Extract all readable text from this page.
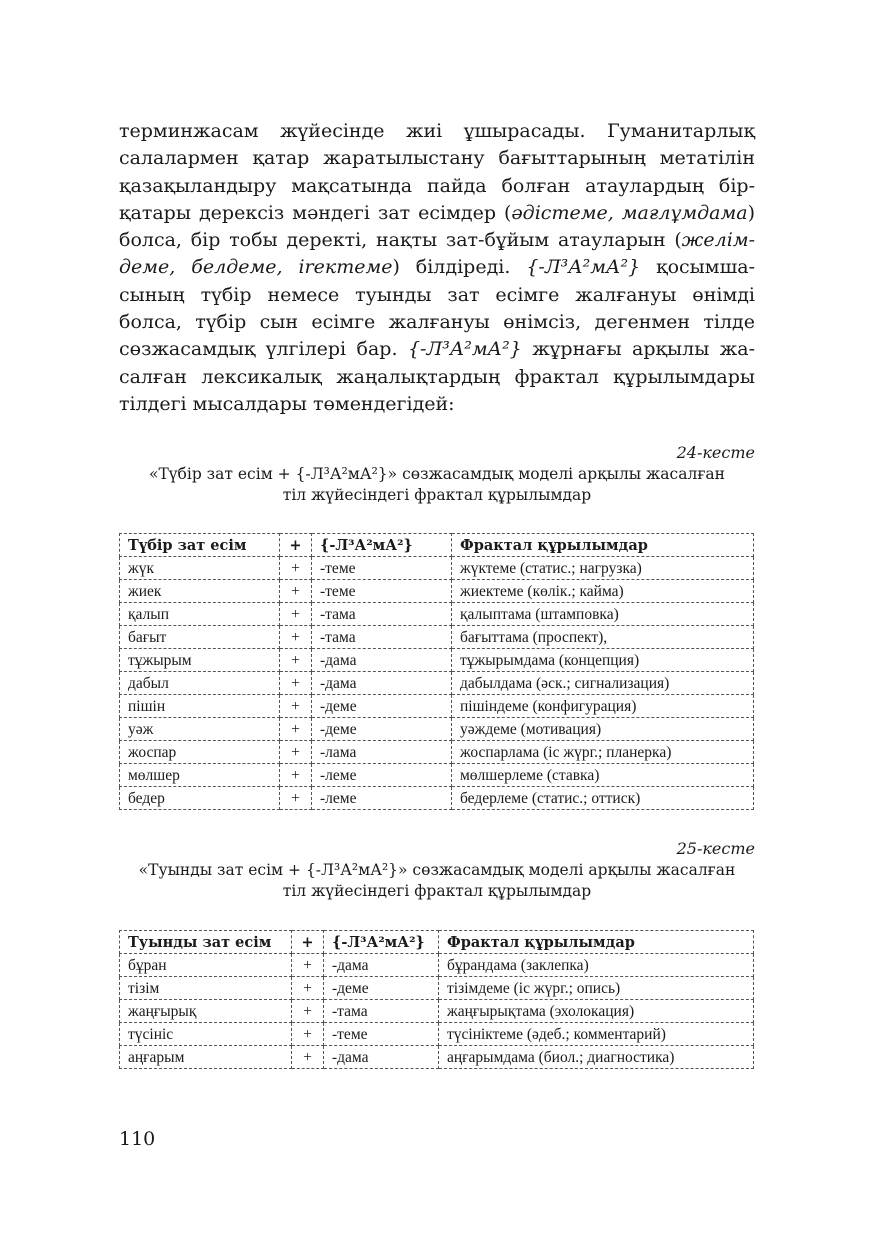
терминжасам жүйесінде жиі ұшырасады. Гуманитарлық
салалармен қатар жаратылыстану бағыттарының метатілін
қазақыландыру мақсатында пайда болған атаулардың бір-
қатары дерексіз мәндегі зат есімдер (әдістеме, мағлұмдама)
болса, бір тобы деректі, нақты зат-бұйым атауларын (желім-
деме, белдеме, irектеме) білдіреді. {-Л³А²мА²} қосымша-
сының түбір немесе туынды зат есімге жалғануы өнімді
болса, түбір сын есімге жалғануы өнімсіз, дегенмен тілде
сөзжасамдық үлгілері бар. {-Л³А²мА²} жұрнағы арқылы жа-
салған лексикалық жаңалықтардың фрактал құрылымдары
тілдегі мысалдары төмендегідей:
24-кесте
«Түбір зат есім + {-Л³А²мА²}» сөзжасамдық моделі арқылы жасалған
тіл жүйесіндегі фрактал құрылымдар
Түбір зат есім	+	{-Л³А²мА²}	Фрактал құрылымдар
жүк	+	-теме	жүктеме (статис.; нагрузка)
жиек	+	-теме	жиектеме (көлік.; кайма)
қалып	+	-тама	қалыптама (штамповка)
бағыт	+	-тама	бағыттама (проспект),
тұжырым	+	-дама	тұжырымдама (концепция)
дабыл	+	-дама	дабылдама (әск.; сигнализация)
пішін	+	-деме	пішіндеме (конфигурация)
уәж	+	-деме	уәждеме (мотивация)
жоспар	+	-лама	жоспарлама (іс жүрг.; планерка)
мөлшер	+	-леме	мөлшерлеме (ставка)
бедер	+	-леме	бедерлеме (статис.; оттиск)
25-кесте
«Туынды зат есім + {-Л³А²мА²}» сөзжасамдық моделі арқылы жасалған
тіл жүйесіндегі фрактал құрылымдар
Туынды зат есім	+	{-Л³А²мА²}	Фрактал құрылымдар
бұран	+	-дама	бұрандама (заклепка)
тізім	+	-деме	тізімдеме (іс жүрг.; опись)
жаңғырық	+	-тама	жаңғырықтама (эхолокация)
түсініс	+	-теме	түсініктеме (әдеб.; комментарий)
аңғарым	+	-дама	аңғарымдама (биол.; диагностика)
110
